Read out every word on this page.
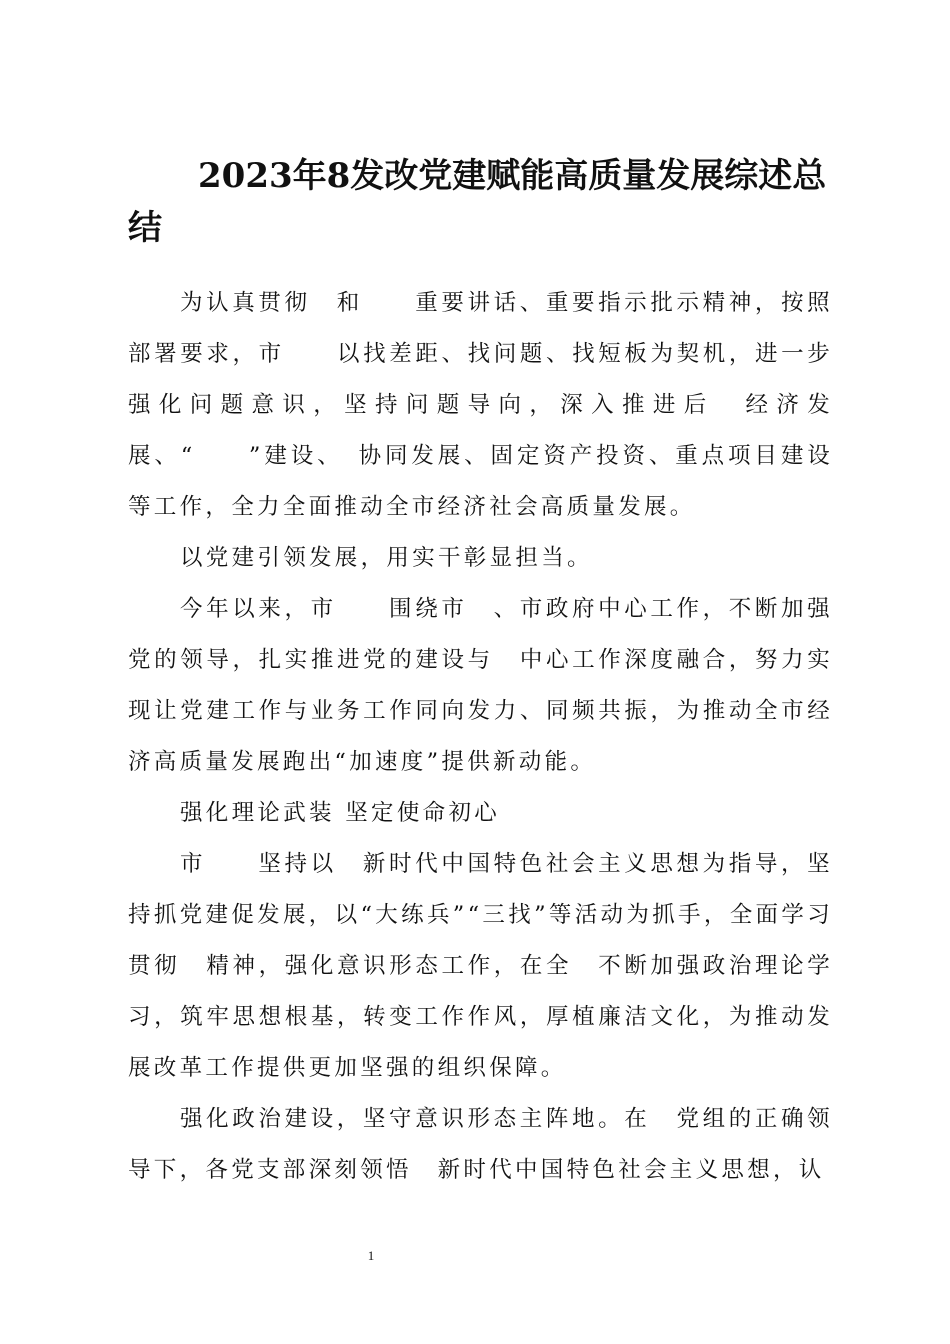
2023年8发改党建赋能高质量发展综述总结

为认真贯彻　和　　重要讲话、重要指示批示精神，按照部署要求，市　　以找差距、找问题、找短板为契机，进一步强化问题意识，坚持问题导向，深入推进后　经济发展、“　　”建设、　协同发展、固定资产投资、重点项目建设等工作，全力全面推动全市经济社会高质量发展。

以党建引领发展，用实干彰显担当。

今年以来，市　　围绕市　、市政府中心工作，不断加强党的领导，扎实推进党的建设与　中心工作深度融合，努力实现让党建工作与业务工作同向发力、同频共振，为推动全市经济高质量发展跑出“加速度”提供新动能。

强化理论武装 坚定使命初心

市　　坚持以　新时代中国特色社会主义思想为指导，坚持抓党建促发展，以“大练兵”“三找”等活动为抓手，全面学习贯彻　精神，强化意识形态工作，在全　不断加强政治理论学习，筑牢思想根基，转变工作作风，厚植廉洁文化，为推动发展改革工作提供更加坚强的组织保障。

强化政治建设，坚守意识形态主阵地。在　党组的正确领导下，各党支部深刻领悟　新时代中国特色社会主义思想，认

1
